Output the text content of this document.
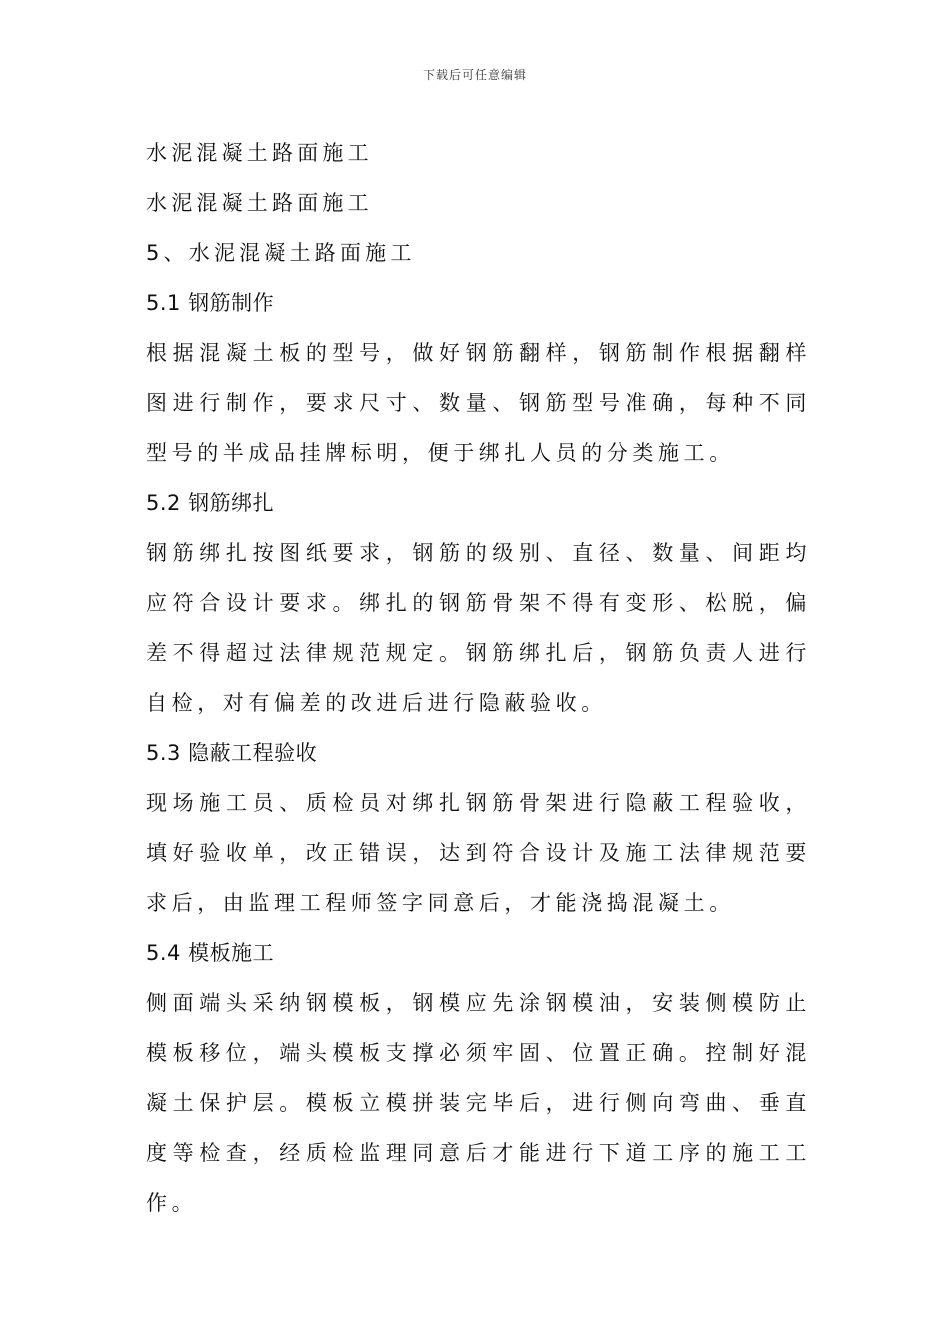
下载后可任意编辑
水泥混凝土路面施工
水泥混凝土路面施工
5、水泥混凝土路面施工
5.1 钢筋制作

根据混凝土板的型号，做好钢筋翻样，钢筋制作根据翻样图进行制作，要求尺寸、数量、钢筋型号准确，每种不同型号的半成品挂牌标明，便于绑扎人员的分类施工。

5.2 钢筋绑扎

钢筋绑扎按图纸要求，钢筋的级别、直径、数量、间距均应符合设计要求。绑扎的钢筋骨架不得有变形、松脱，偏差不得超过法律规范规定。钢筋绑扎后，钢筋负责人进行自检，对有偏差的改进后进行隐蔽验收。

5.3 隐蔽工程验收

现场施工员、质检员对绑扎钢筋骨架进行隐蔽工程验收，填好验收单，改正错误，达到符合设计及施工法律规范要求后，由监理工程师签字同意后，才能浇捣混凝土。

5.4 模板施工

侧面端头采纳钢模板，钢模应先涂钢模油，安装侧模防止模板移位，端头模板支撑必须牢固、位置正确。控制好混凝土保护层。模板立模拼装完毕后，进行侧向弯曲、垂直度等检查，经质检监理同意后才能进行下道工序的施工工作。
